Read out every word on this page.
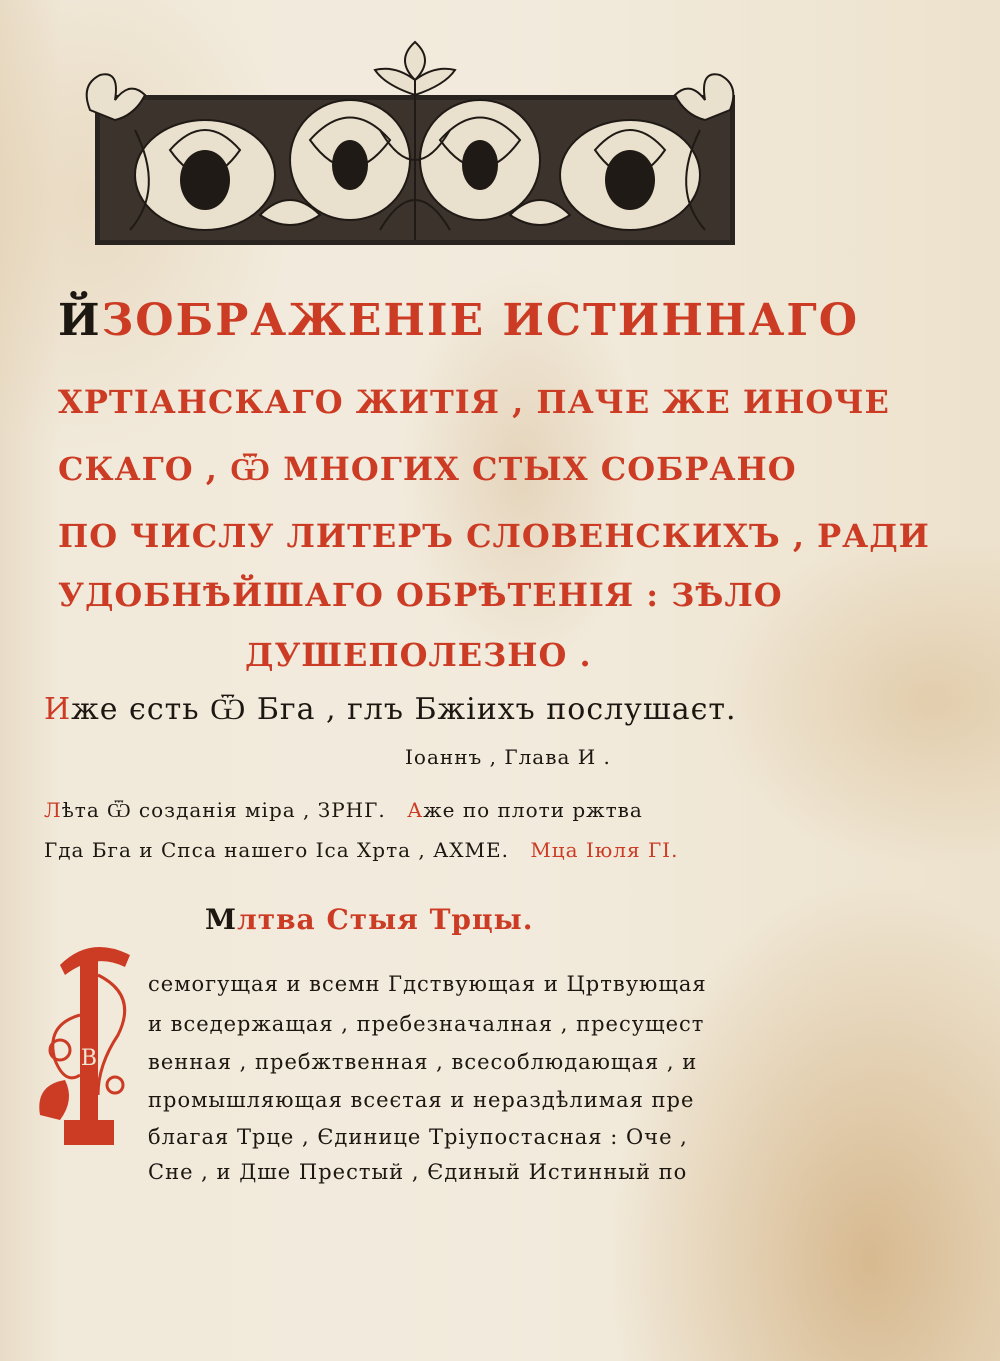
ЙЗОБРАЖЕНІЕ ИСТИННАГО
ХРТІАНСКАГО ЖИТІЯ , ПАЧЕ ЖЕ ИНОЧЕ
СКАГО , Ѿ МНОГИХ СТЫХ СОБРАНО
ПО ЧИСЛУ ЛИТЕРЪ СЛОВЕНСКИХЪ , РАДИ
УДОБНѢЙШАГО ОБРѢТЕНІЯ : ЗѢЛО
ДУШЕПОЛЕЗНО .
Иже єсть Ѿ Бга , глъ Бжіихъ послушаєт.
Іоаннъ , Глава И .
Лѣта Ѿ созданія міра , ЗРНГ. Аже по плоти ржтва
Гда Бга и Спса нашего Іса Хрта , АХМЕ. Мца Іюля ГІ.
Млтва Стыя Трцы.
В
семогущая и всемн Гдствующая и Цртвующая
и вседержащая , пребезначалная , пресущест
венная , пребжтвенная , всесоблюдающая , и
промышляющая всеєтая и нераздѣлимая пре
благая Трце , Єдинице Тріупостасная : Оче ,
Сне , и Дше Престый , Єдиный Истинный по
